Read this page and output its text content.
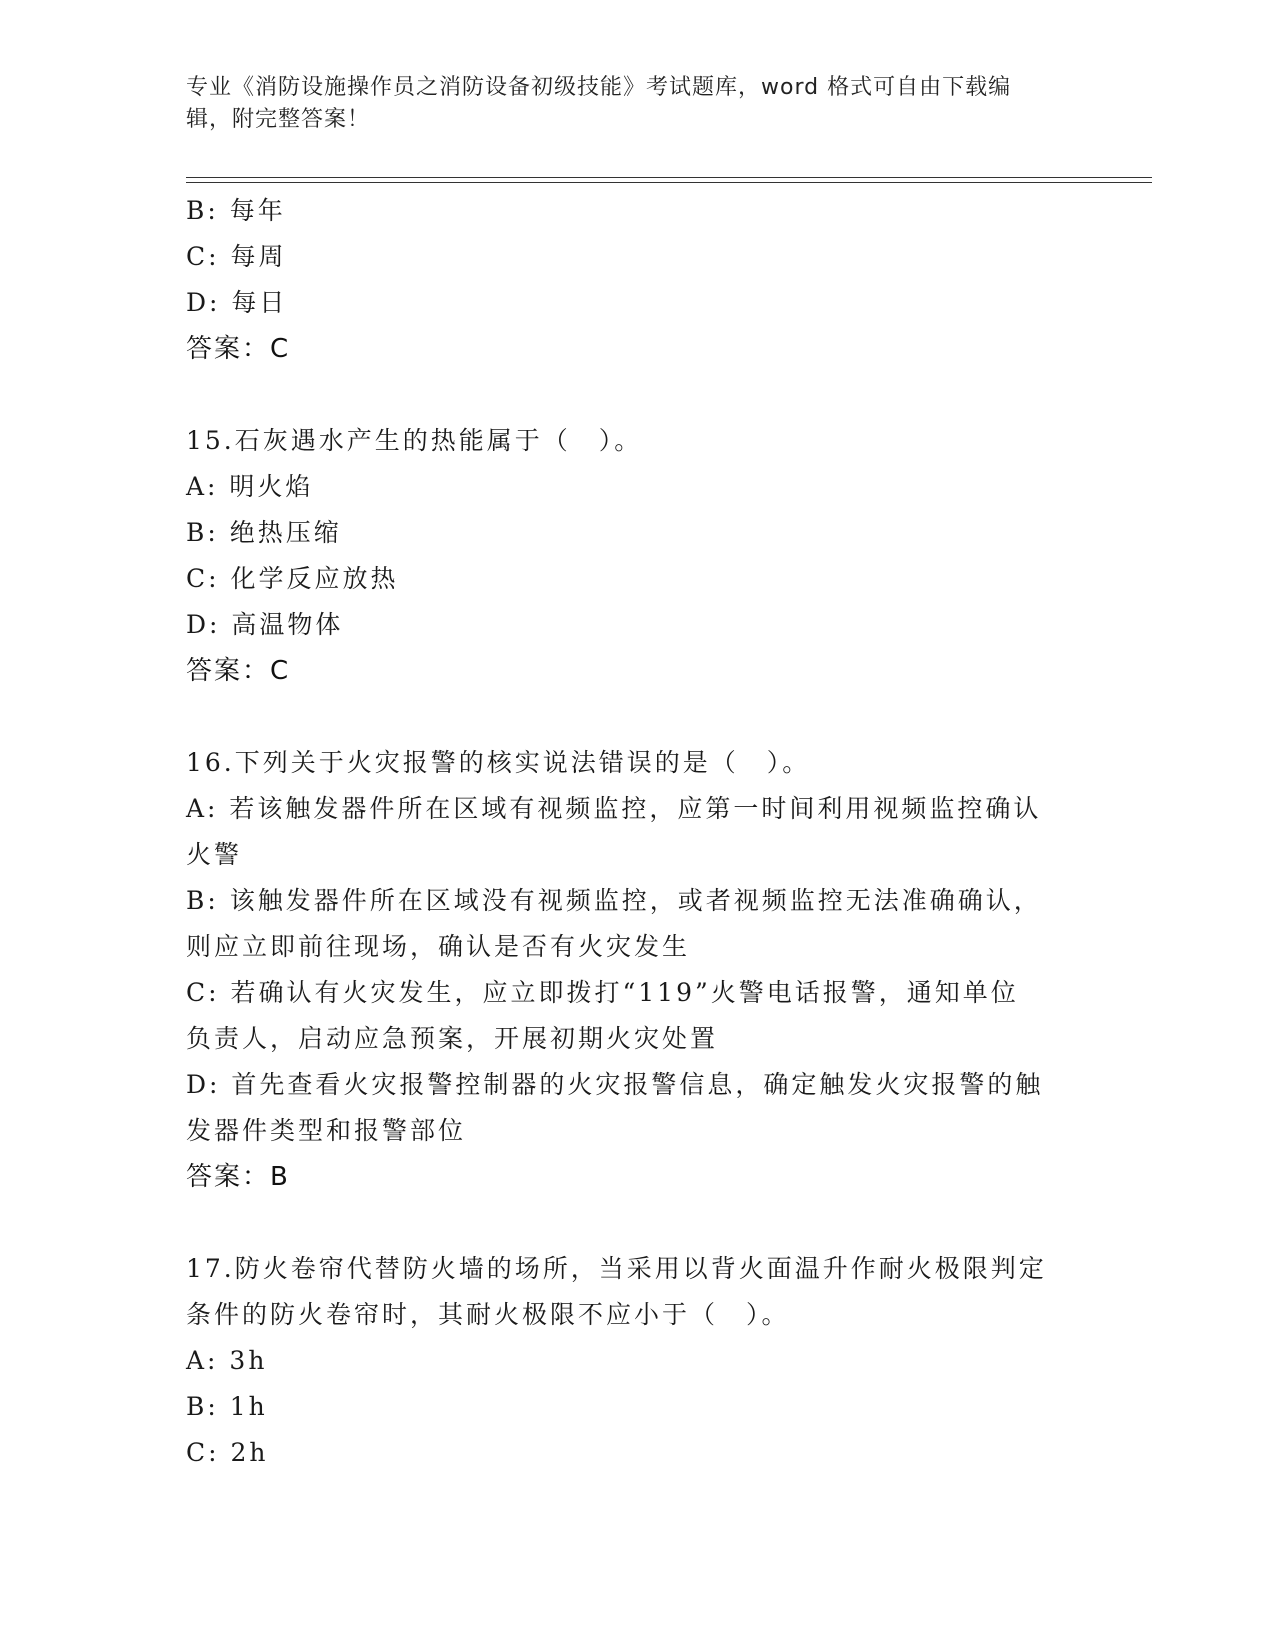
专业《消防设施操作员之消防设备初级技能》考试题库，word 格式可自由下载编
辑，附完整答案！
B: 每年
C: 每周
D: 每日
答案：C
15.石灰遇水产生的热能属于（　）。
A: 明火焰
B: 绝热压缩
C: 化学反应放热
D: 高温物体
答案：C
16.下列关于火灾报警的核实说法错误的是（　）。
A: 若该触发器件所在区域有视频监控，应第一时间利用视频监控确认
火警
B: 该触发器件所在区域没有视频监控，或者视频监控无法准确确认，
则应立即前往现场，确认是否有火灾发生
C: 若确认有火灾发生，应立即拨打“119”火警电话报警，通知单位
负责人，启动应急预案，开展初期火灾处置
D: 首先查看火灾报警控制器的火灾报警信息，确定触发火灾报警的触
发器件类型和报警部位
答案：B
17.防火卷帘代替防火墙的场所，当采用以背火面温升作耐火极限判定
条件的防火卷帘时，其耐火极限不应小于（　）。
A: 3h
B: 1h
C: 2h
